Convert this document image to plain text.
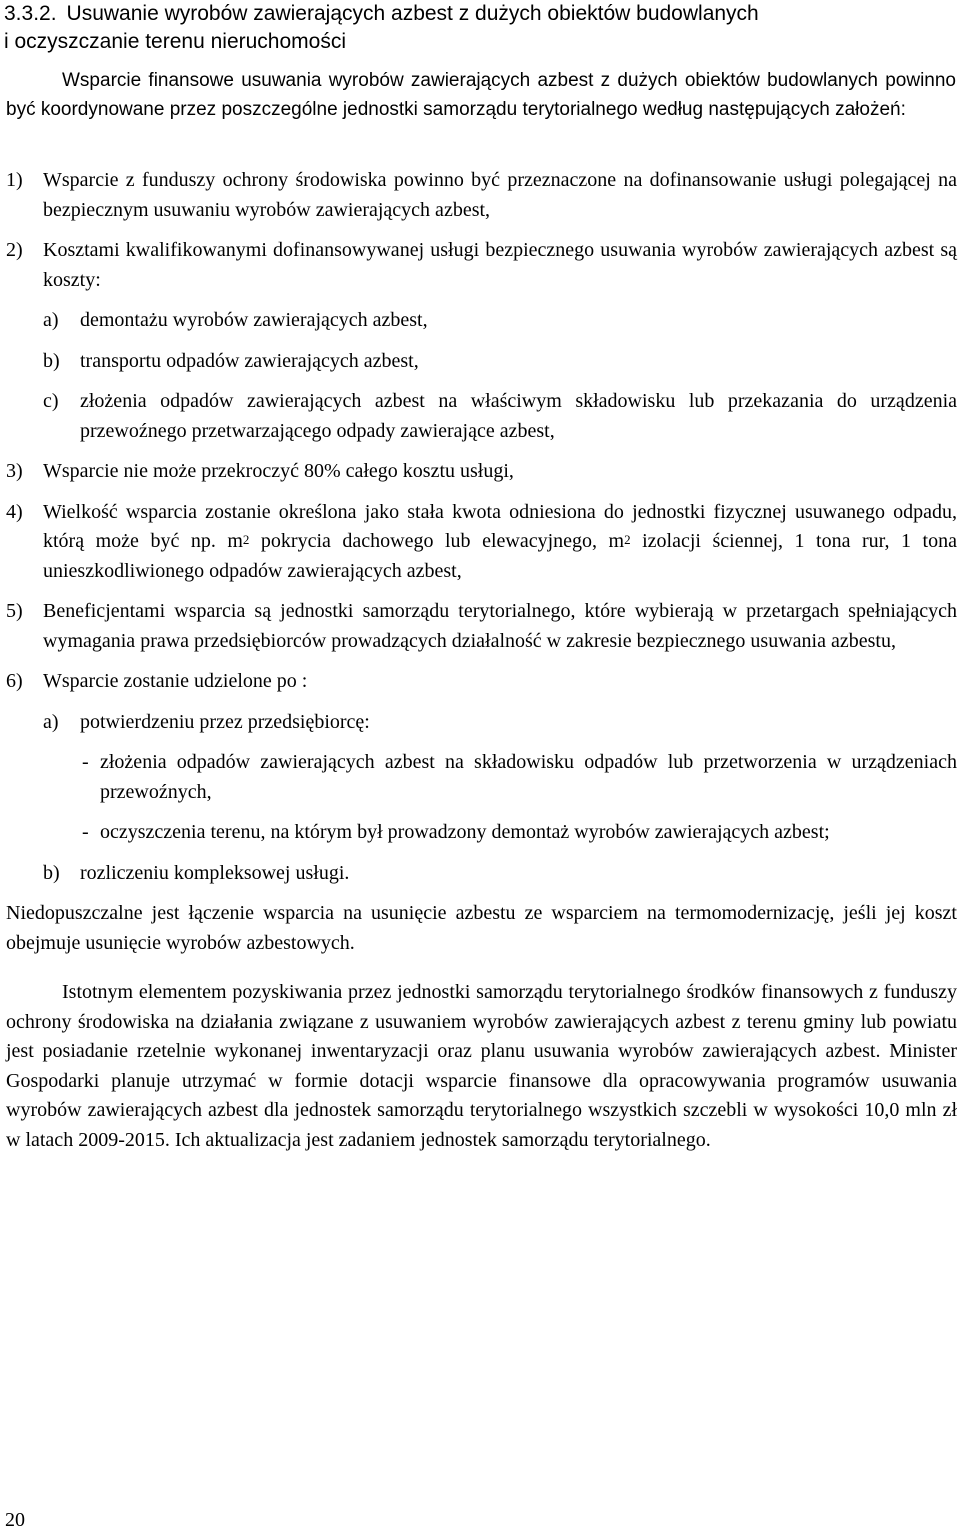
3.3.2. Usuwanie wyrobów zawierających azbest z dużych obiektów budowlanych
i oczyszczanie terenu nieruchomości
Wsparcie finansowe usuwania wyrobów zawierających azbest z dużych obiektów budowlanych powinno być koordynowane przez poszczególne jednostki samorządu terytorialnego według następujących założeń:
1) Wsparcie z funduszy ochrony środowiska powinno być przeznaczone na dofinansowanie usługi polegającej na bezpiecznym usuwaniu wyrobów zawierających azbest,
2) Kosztami kwalifikowanymi dofinansowywanej usługi bezpiecznego usuwania wyrobów zawierających azbest są koszty:
a) demontażu wyrobów zawierających azbest,
b) transportu odpadów zawierających azbest,
c) złożenia odpadów zawierających azbest na właściwym składowisku lub przekazania do urządzenia przewoźnego przetwarzającego odpady zawierające azbest,
3) Wsparcie nie może przekroczyć 80% całego kosztu usługi,
4) Wielkość wsparcia zostanie określona jako stała kwota odniesiona do jednostki fizycznej usuwanego odpadu, którą może być np. $m^2$ pokrycia dachowego lub elewacyjnego, $m^2$ izolacji ściennej, 1 tona rur, 1 tona unieszkodliwionego odpadów zawierających azbest,
5) Beneficjentami wsparcia są jednostki samorządu terytorialnego, które wybierają w przetargach spełniających wymagania prawa przedsiębiorców prowadzących działalność w zakresie bezpiecznego usuwania azbestu,
6) Wsparcie zostanie udzielone po :
a) potwierdzeniu przez przedsiębiorcę:
- złożenia odpadów zawierających azbest na składowisku odpadów lub przetworzenia w urządzeniach przewoźnych,
- oczyszczenia terenu, na którym był prowadzony demontaż wyrobów zawierających azbest;
b) rozliczeniu kompleksowej usługi.
Niedopuszczalne jest łączenie wsparcia na usunięcie azbestu ze wsparciem na termomodernizację, jeśli jej koszt obejmuje usunięcie wyrobów azbestowych.
Istotnym elementem pozyskiwania przez jednostki samorządu terytorialnego środków finansowych z funduszy ochrony środowiska na działania związane z usuwaniem wyrobów zawierających azbest z terenu gminy lub powiatu jest posiadanie rzetelnie wykonanej inwentaryzacji oraz planu usuwania wyrobów zawierających azbest. Minister Gospodarki planuje utrzymać w formie dotacji wsparcie finansowe dla opracowywania programów usuwania wyrobów zawierających azbest dla jednostek samorządu terytorialnego wszystkich szczebli w wysokości 10,0 mln zł w latach 2009-2015. Ich aktualizacja jest zadaniem jednostek samorządu terytorialnego.
20
